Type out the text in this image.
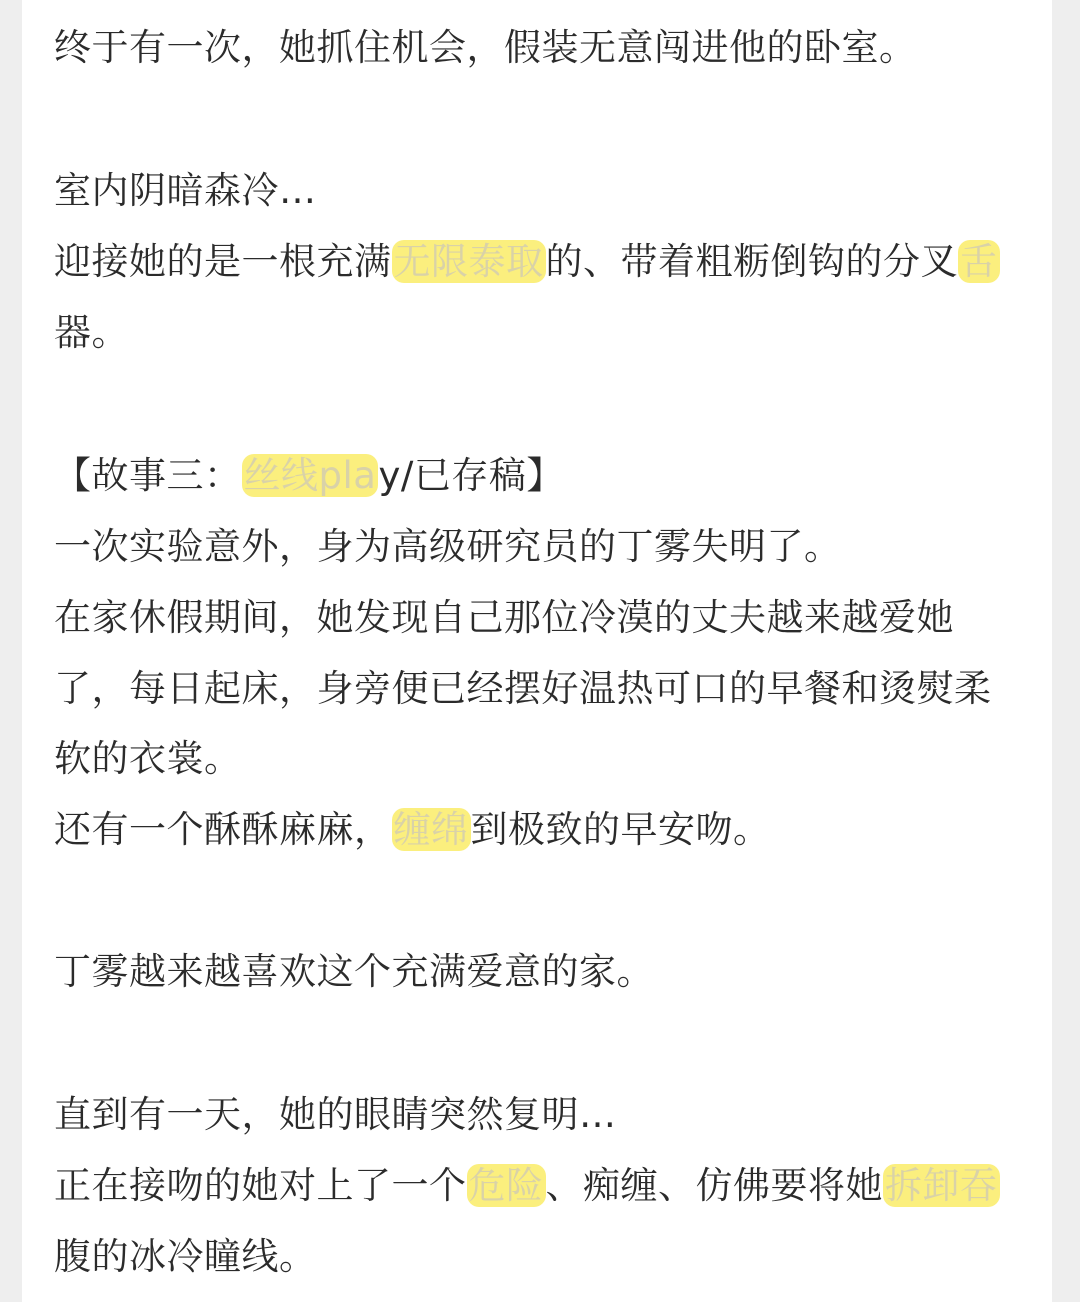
终于有一次，她抓住机会，假装无意闯进他的卧室。

室内阴暗森冷…

迎接她的是一根充满无限泰取的、带着粗粝倒钩的分叉舌

器。

【故事三：丝线play/已存稿】

一次实验意外，身为高级研究员的丁雾失明了。

在家休假期间，她发现自己那位冷漠的丈夫越来越爱她

了，每日起床，身旁便已经摆好温热可口的早餐和烫熨柔

软的衣裳。

还有一个酥酥麻麻，缠绵到极致的早安吻。

丁雾越来越喜欢这个充满爱意的家。

直到有一天，她的眼睛突然复明…

正在接吻的她对上了一个危险、痴缠、仿佛要将她拆卸吞

腹的冰冷瞳线。
